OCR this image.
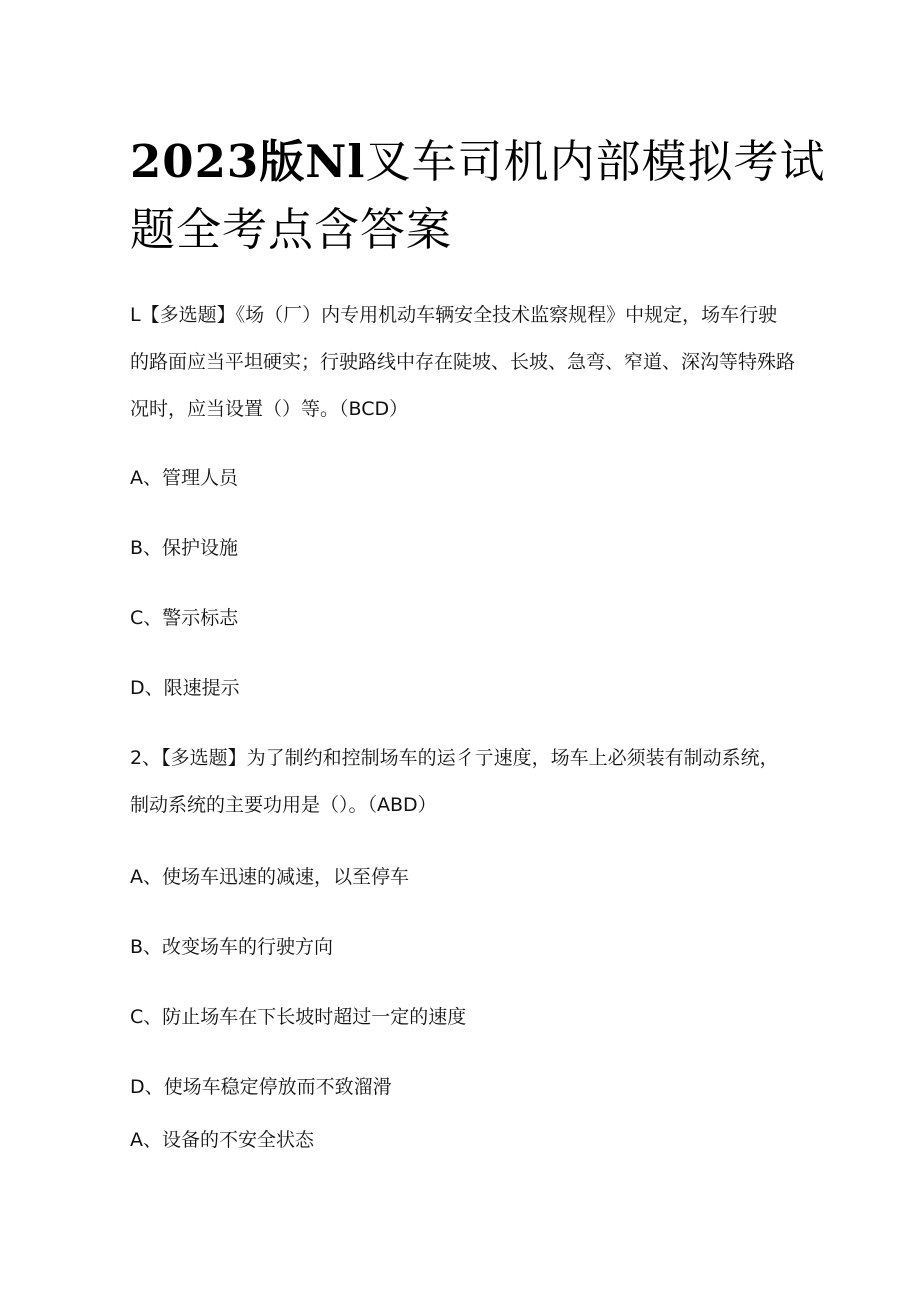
2023版Nl叉车司机内部模拟考试
题全考点含答案

L【多选题】《场（厂）内专用机动车辆安全技术监察规程》中规定，场车行驶的路面应当平坦硬实；行驶路线中存在陡坡、长坡、急弯、窄道、深沟等特殊路况时，应当设置（）等。（BCD）

A、管理人员

B、保护设施

C、警示标志

D、限速提示

2、【多选题】为了制约和控制场车的运彳亍速度，场车上必须装有制动系统，制动系统的主要功用是（）。（ABD）

A、使场车迅速的减速，以至停车

B、改变场车的行驶方向

C、防止场车在下长坡时超过一定的速度

D、使场车稳定停放而不致溜滑

A、设备的不安全状态
